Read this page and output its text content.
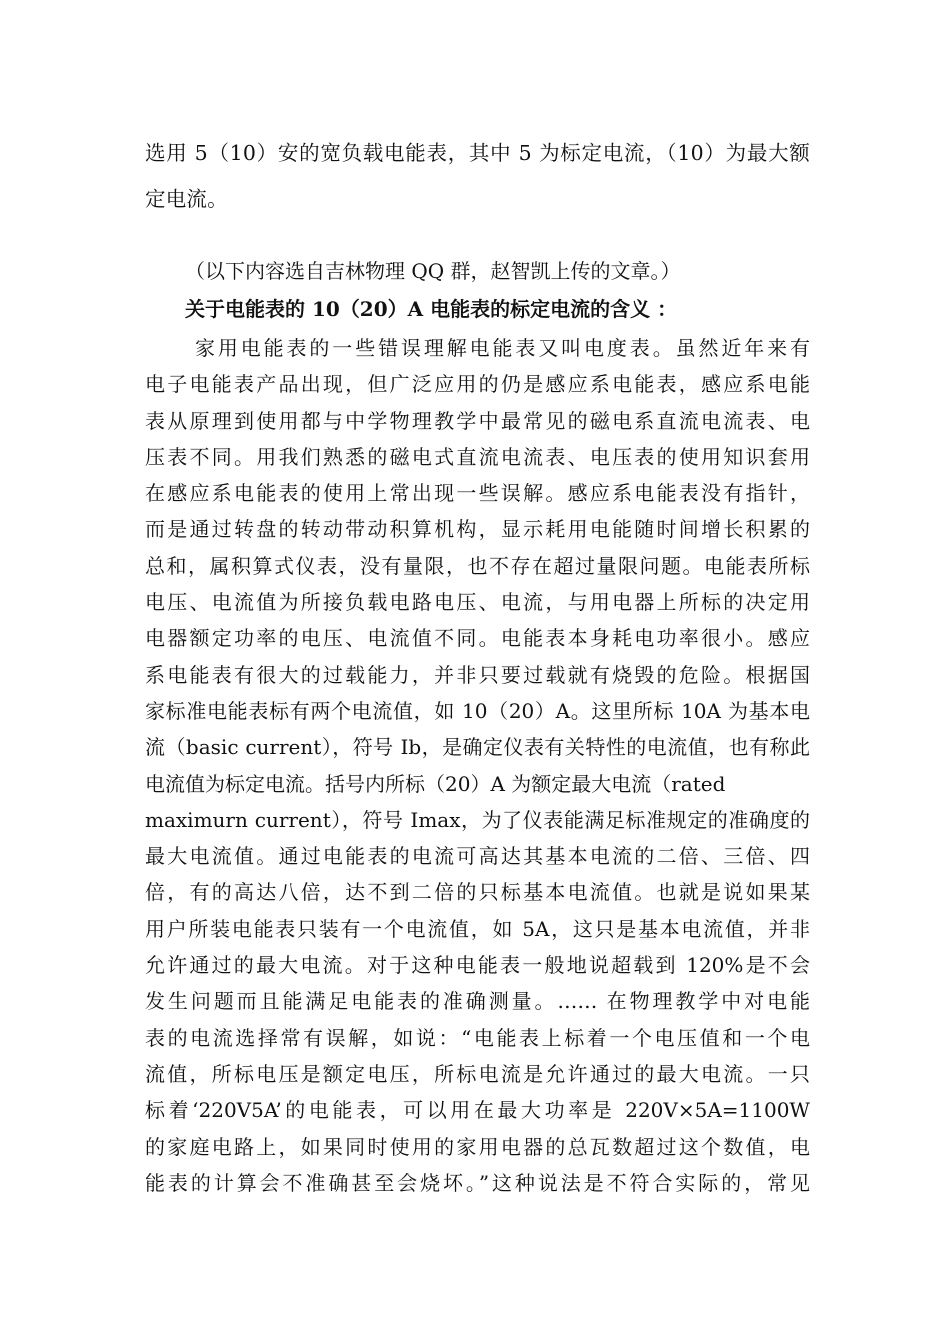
选用 5（10）安的宽负载电能表，其中 5 为标定电流，（10）为最大额定电流。

（以下内容选自吉林物理 QQ 群，赵智凯上传的文章。）

关于电能表的 10（20）A 电能表的标定电流的含义 ：

家用电能表的一些错误理解电能表又叫电度表。虽然近年来有
电子电能表产品出现，但广泛应用的仍是感应系电能表，感应系电能
表从原理到使用都与中学物理教学中最常见的磁电系直流电流表、电
压表不同。用我们熟悉的磁电式直流电流表、电压表的使用知识套用
在感应系电能表的使用上常出现一些误解。感应系电能表没有指针，
而是通过转盘的转动带动积算机构，显示耗用电能随时间增长积累的
总和，属积算式仪表，没有量限，也不存在超过量限问题。电能表所标
电压、电流值为所接负载电路电压、电流，与用电器上所标的决定用
电器额定功率的电压、电流值不同。电能表本身耗电功率很小。感应
系电能表有很大的过载能力，并非只要过载就有烧毁的危险。根据国
家标准电能表标有两个电流值，如 10（20）A。这里所标 10A 为基本电
流（basic current），符号 Ib，是确定仪表有关特性的电流值，也有称此
电流值为标定电流。括号内所标（20）A 为额定最大电流（rated
maximurn current），符号 Imax，为了仪表能满足标准规定的准确度的
最大电流值。通过电能表的电流可高达其基本电流的二倍、三倍、四
倍，有的高达八倍，达不到二倍的只标基本电流值。也就是说如果某
用户所装电能表只装有一个电流值，如 5A，这只是基本电流值，并非
允许通过的最大电流。对于这种电能表一般地说超载到 120%是不会
发生问题而且能满足电能表的准确测量。…… 在物理教学中对电能
表的电流选择常有误解，如说：“电能表上标着一个电压值和一个电
流值，所标电压是额定电压，所标电流是允许通过的最大电流。一只
标着‘220V5A’的电能表，可以用在最大功率是 220V×5A=1100W
的家庭电路上，如果同时使用的家用电器的总瓦数超过这个数值，电
能表的计算会不准确甚至会烧坏。”这种说法是不符合实际的，常见
